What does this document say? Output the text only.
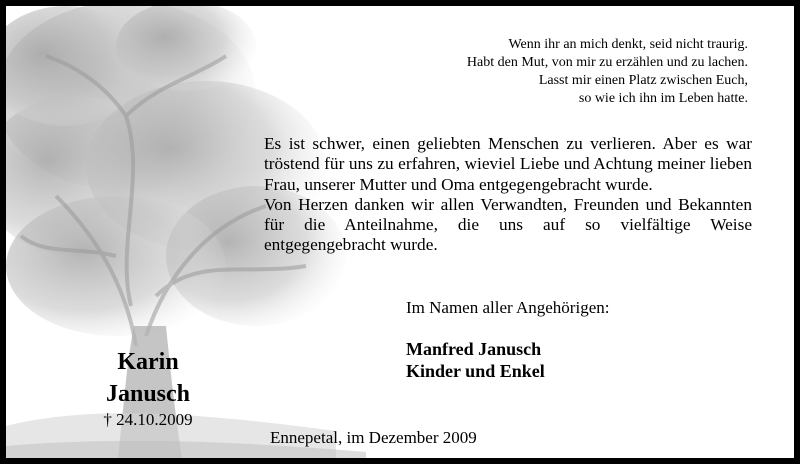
Wenn ihr an mich denkt, seid nicht traurig.
Habt den Mut, von mir zu erzählen und zu lachen.
Lasst mir einen Platz zwischen Euch,
so wie ich ihn im Leben hatte.

Es ist schwer, einen geliebten Menschen zu verlieren. Aber es war tröstend für uns zu erfahren, wieviel Liebe und Achtung meiner lieben Frau, unserer Mutter und Oma entgegengebracht wurde.

Von Herzen danken wir allen Verwandten, Freunden und Bekannten für die Anteilnahme, die uns auf so vielfältige Weise entgegengebracht wurde.

Im Namen aller Angehörigen:
Manfred Janusch
Kinder und Enkel
Karin
Janusch
† 24.10.2009
Ennepetal, im Dezember 2009
